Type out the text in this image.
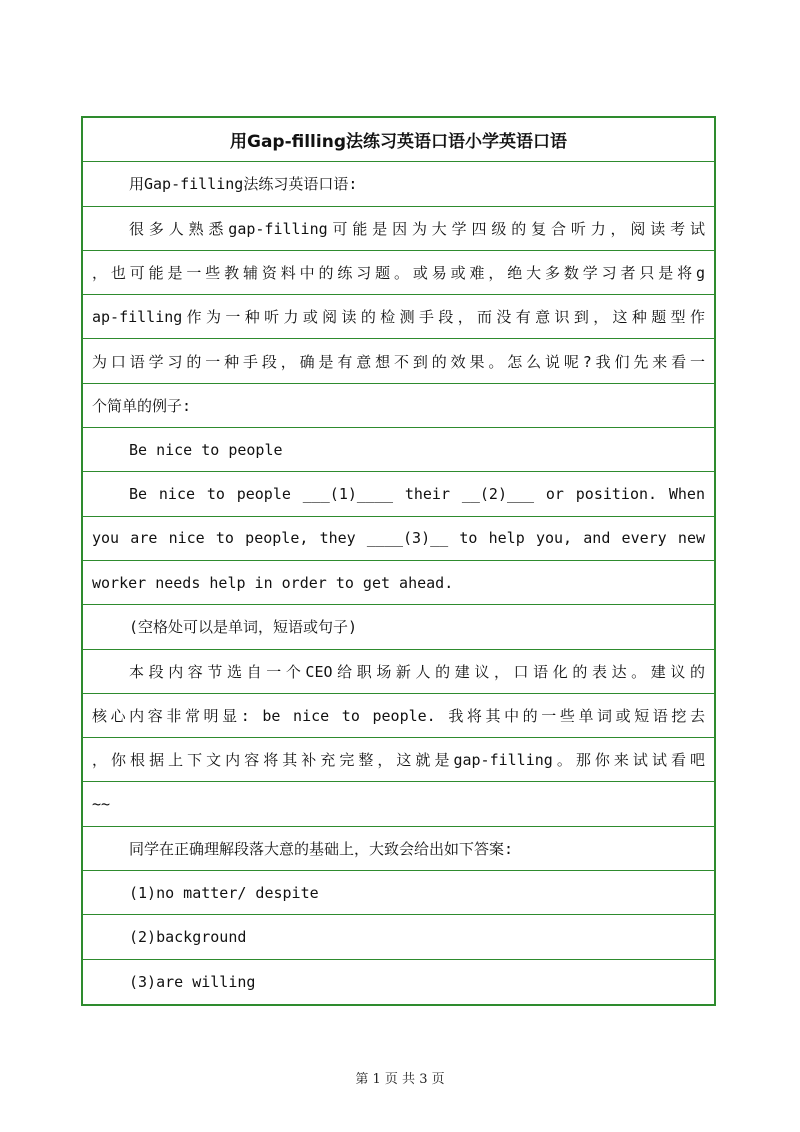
用Gap-filling法练习英语口语小学英语口语
用Gap-filling法练习英语口语:
很多人熟悉gap-filling可能是因为大学四级的复合听力，阅读考试
，也可能是一些教辅资料中的练习题。或易或难，绝大多数学习者只是将g
ap-filling作为一种听力或阅读的检测手段，而没有意识到，这种题型作
为口语学习的一种手段，确是有意想不到的效果。怎么说呢?我们先来看一
个简单的例子:
Be nice to people
Be nice to people ___(1)____ their __(2)___ or position. When
you are nice to people, they ____(3)__ to help you, and every new
worker needs help in order to get ahead.
(空格处可以是单词，短语或句子)
本段内容节选自一个CEO给职场新人的建议，口语化的表达。建议的
核心内容非常明显: be nice to people. 我将其中的一些单词或短语挖去
，你根据上下文内容将其补充完整，这就是gap-filling。那你来试试看吧
~~
同学在正确理解段落大意的基础上，大致会给出如下答案:
(1)no matter/ despite
(2)background
(3)are willing
第 1 页 共 3 页
